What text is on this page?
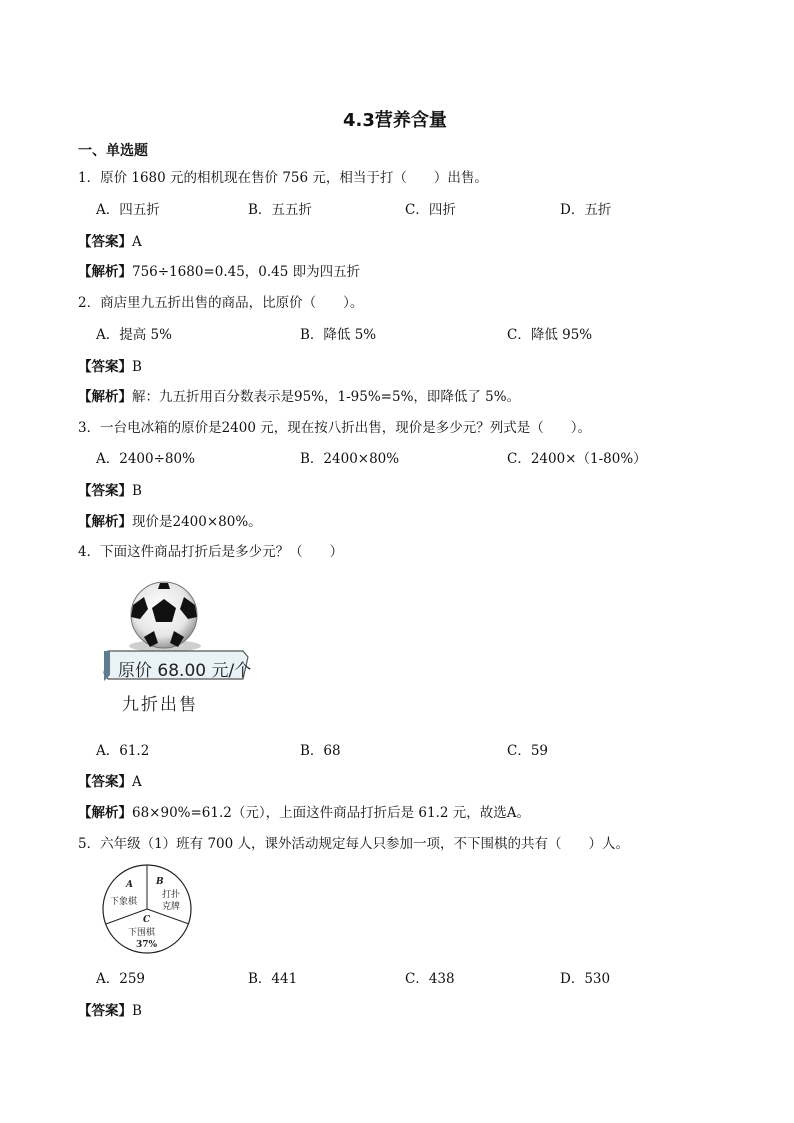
4.3营养含量
一、单选题
1．原价 1680 元的相机现在售价 756 元，相当于打（　　）出售。
A．四五折	B．五五折	C．四折	D．五折
【答案】A
【解析】756÷1680=0.45，0.45 即为四五折
2．商店里九五折出售的商品，比原价（　　）。
A．提高 5%	B．降低 5%	C．降低 95%
【答案】B
【解析】解：九五折用百分数表示是95%，1-95%=5%，即降低了 5%。
3．一台电冰箱的原价是2400 元，现在按八折出售，现价是多少元？列式是（　　）。
A．2400÷80%	B．2400×80%	C．2400×（1-80%）
【答案】B
【解析】现价是2400×80%。
4．下面这件商品打折后是多少元？（　　）
原价 68.00 元/个
九折出售
A．61.2	B．68	C．59
【答案】A
【解析】68×90%=61.2（元），上面这件商品打折后是 61.2 元，故选A。
5．六年级（1）班有 700 人，课外活动规定每人只参加一项，不下围棋的共有（　　）人。
A
下象棋
B
打扑
克牌
C
下围棋
37%
A．259	B．441	C．438	D．530
【答案】B
